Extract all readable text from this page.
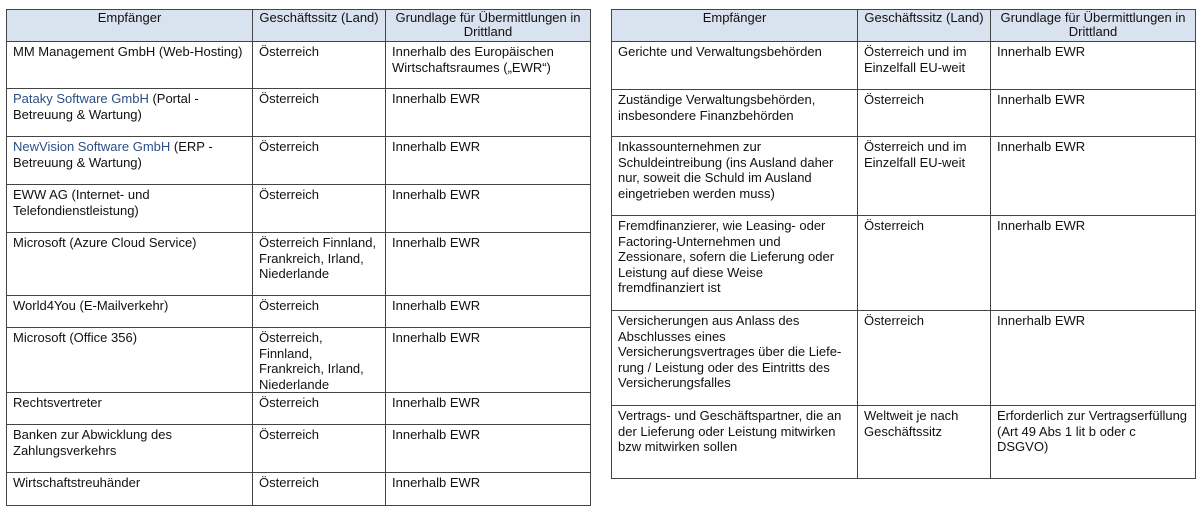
Empfänger	Geschäftssitz (Land)	Grundlage für Übermittlungen in Drittland
MM Management GmbH (Web-Hosting)	Österreich	Innerhalb des Europäischen Wirtschaftsraumes („EWR“)
Pataky Software GmbH (Portal - Betreuung & Wartung)	Österreich	Innerhalb EWR
NewVision Software GmbH (ERP - Betreuung & Wartung)	Österreich	Innerhalb EWR
EWW AG (Internet- und Telefondienstleistung)	Österreich	Innerhalb EWR
Microsoft (Azure Cloud Service)	Österreich Finnland, Frankreich, Irland, Niederlande	Innerhalb EWR
World4You (E-Mailverkehr)	Österreich	Innerhalb EWR
Microsoft (Office 356)	Österreich, Finnland, Frankreich, Irland, Niederlande	Innerhalb EWR
Rechtsvertreter	Österreich	Innerhalb EWR
Banken zur Abwicklung des Zahlungsverkehrs	Österreich	Innerhalb EWR
Wirtschaftstreuhänder	Österreich	Innerhalb EWR
Empfänger	Geschäftssitz (Land)	Grundlage für Übermittlungen in Drittland
Gerichte und Verwaltungsbehörden	Österreich und im Einzelfall EU-weit	Innerhalb EWR
Zuständige Verwaltungsbehörden, insbesondere Finanzbehörden	Österreich	Innerhalb EWR
Inkassounternehmen zur Schuldeintreibung (ins Ausland daher nur, soweit die Schuld im Ausland eingetrieben werden muss)	Österreich und im Einzelfall EU-weit	Innerhalb EWR
Fremdfinanzierer, wie Leasing- oder Factoring-Unternehmen und Zessionare, sofern die Lieferung oder Leistung auf diese Weise fremdfinanziert ist	Österreich	Innerhalb EWR
Versicherungen aus Anlass des Abschlusses eines Versicherungsvertrages über die Liefe-rung / Leistung oder des Eintritts des Versicherungsfalles	Österreich	Innerhalb EWR
Vertrags- und Geschäftspartner, die an der Lieferung oder Leistung mitwirken bzw mitwirken sollen	Weltweit je nach Geschäftssitz	Erforderlich zur Vertragserfüllung (Art 49 Abs 1 lit b oder c DSGVO)
